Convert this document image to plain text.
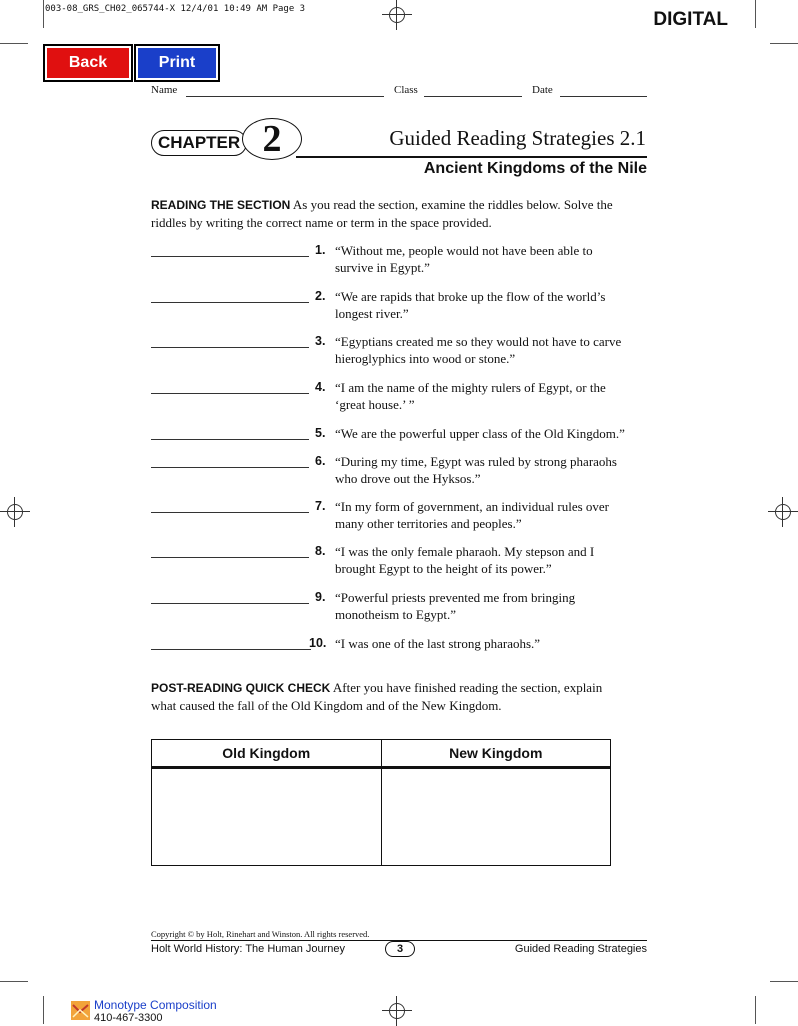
003-08_GRS_CH02_065744-X 12/4/01 10:49 AM Page 3	DIGITAL
Back	Print
Name	Class	Date
CHAPTER 2	Guided Reading Strategies 2.1
Ancient Kingdoms of the Nile
READING THE SECTION As you read the section, examine the riddles below. Solve the
riddles by writing the correct name or term in the space provided.
1. “Without me, people would not have been able to
survive in Egypt.”
2. “We are rapids that broke up the flow of the world’s
longest river.”
3. “Egyptians created me so they would not have to carve
hieroglyphics into wood or stone.”
4. “I am the name of the mighty rulers of Egypt, or the
‘great house.’ ”
5. “We are the powerful upper class of the Old Kingdom.”
6. “During my time, Egypt was ruled by strong pharaohs
who drove out the Hyksos.”
7. “In my form of government, an individual rules over
many other territories and peoples.”
8. “I was the only female pharaoh. My stepson and I
brought Egypt to the height of its power.”
9. “Powerful priests prevented me from bringing
monotheism to Egypt.”
10. “I was one of the last strong pharaohs.”
POST-READING QUICK CHECK After you have finished reading the section, explain
what caused the fall of the Old Kingdom and of the New Kingdom.
Old Kingdom	New Kingdom

Copyright © by Holt, Rinehart and Winston. All rights reserved.
Holt World History: The Human Journey	3	Guided Reading Strategies
Monotype Composition
410-467-3300
